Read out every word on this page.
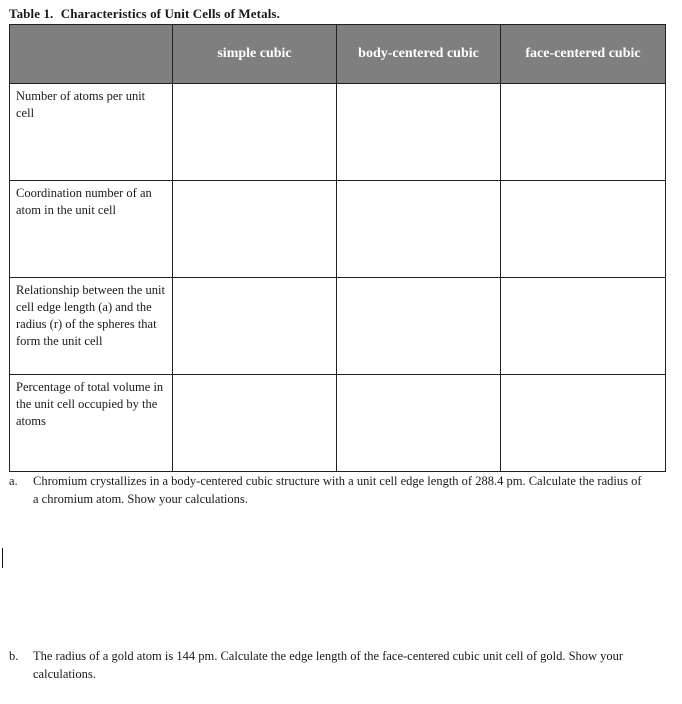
Table 1. Characteristics of Unit Cells of Metals.
	simple cubic	body-centered cubic	face-centered cubic
Number of atoms per unit cell			
Coordination number of an atom in the unit cell			
Relationship between the unit cell edge length (a) and the radius (r) of the spheres that form the unit cell			
Percentage of total volume in the unit cell occupied by the atoms			
a. Chromium crystallizes in a body-centered cubic structure with a unit cell edge length of 288.4 pm. Calculate the radius of a chromium atom. Show your calculations.
b. The radius of a gold atom is 144 pm. Calculate the edge length of the face-centered cubic unit cell of gold. Show your calculations.
